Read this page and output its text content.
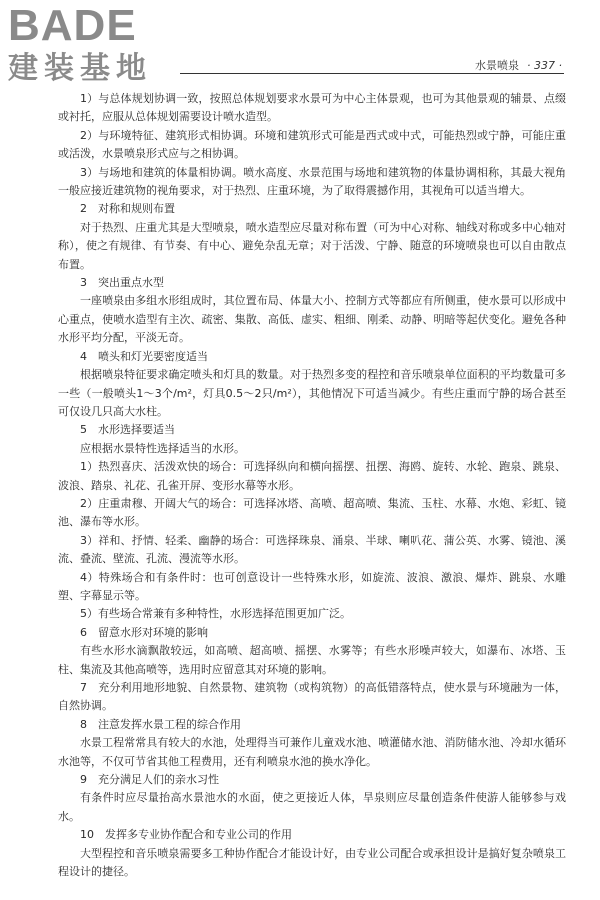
BADE
建装基地	水景喷泉 · 337 ·

1）与总体规划协调一致，按照总体规划要求水景可为中心主体景观，也可为其他景观的辅景、点缀或衬托，应服从总体规划需要设计喷水造型。

2）与环境特征、建筑形式相协调。环境和建筑形式可能是西式或中式，可能热烈或宁静，可能庄重或活泼，水景喷泉形式应与之相协调。

3）与场地和建筑的体量相协调。喷水高度、水景范围与场地和建筑物的体量协调相称，其最大视角一般应接近建筑物的视角要求，对于热烈、庄重环境，为了取得震撼作用，其视角可以适当增大。

2　对称和规则布置

对于热烈、庄重尤其是大型喷泉，喷水造型应尽量对称布置（可为中心对称、轴线对称或多中心轴对称），使之有规律、有节奏、有中心、避免杂乱无章；对于活泼、宁静、随意的环境喷泉也可以自由散点布置。

3　突出重点水型

一座喷泉由多组水形组成时，其位置布局、体量大小、控制方式等都应有所侧重，使水景可以形成中心重点，使喷水造型有主次、疏密、集散、高低、虚实、粗细、刚柔、动静、明暗等起伏变化。避免各种水形平均分配，平淡无奇。

4　喷头和灯光要密度适当

根据喷泉特征要求确定喷头和灯具的数量。对于热烈多变的程控和音乐喷泉单位面积的平均数量可多一些（一般喷头1～3个/m²，灯具0.5～2只/m²），其他情况下可适当减少。有些庄重而宁静的场合甚至可仅设几只高大水柱。

5　水形选择要适当

应根据水景特性选择适当的水形。

1）热烈喜庆、活泼欢快的场合：可选择纵向和横向摇摆、扭摆、海鸥、旋转、水轮、跑泉、跳泉、波浪、踏泉、礼花、孔雀开屏、变形水幕等水形。

2）庄重肃穆、开阔大气的场合：可选择冰塔、高喷、超高喷、集流、玉柱、水幕、水炮、彩虹、镜池、瀑布等水形。

3）祥和、抒情、轻柔、幽静的场合：可选择珠泉、涌泉、半球、喇叭花、蒲公英、水雾、镜池、溪流、叠流、壁流、孔流、漫流等水形。

4）特殊场合和有条件时：也可创意设计一些特殊水形，如旋流、波浪、激浪、爆炸、跳泉、水雕塑、字幕显示等。

5）有些场合常兼有多种特性，水形选择范围更加广泛。

6　留意水形对环境的影响

有些水形水滴飘散较远，如高喷、超高喷、摇摆、水雾等；有些水形噪声较大，如瀑布、冰塔、玉柱、集流及其他高喷等，选用时应留意其对环境的影响。

7　充分利用地形地貌、自然景物、建筑物（或构筑物）的高低错落特点，使水景与环境融为一体，自然协调。

8　注意发挥水景工程的综合作用

水景工程常常具有较大的水池，处理得当可兼作儿童戏水池、喷灌储水池、消防储水池、冷却水循环水池等，不仅可节省其他工程费用，还有利喷泉水池的换水净化。

9　充分满足人们的亲水习性

有条件时应尽量抬高水景池水的水面，使之更接近人体，旱泉则应尽量创造条件使游人能够参与戏水。

10　发挥多专业协作配合和专业公司的作用

大型程控和音乐喷泉需要多工种协作配合才能设计好，由专业公司配合或承担设计是搞好复杂喷泉工程设计的捷径。
